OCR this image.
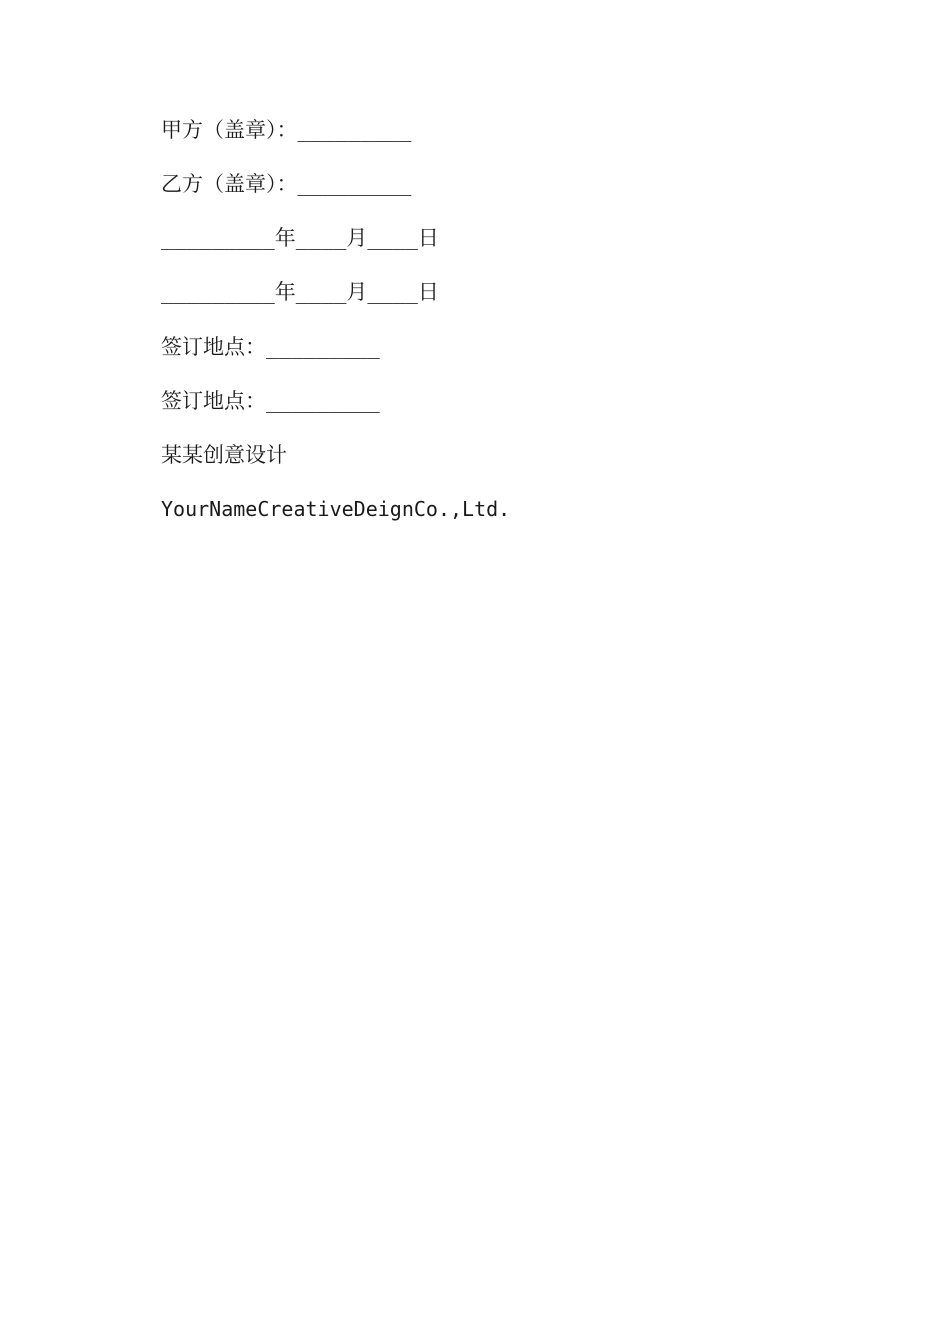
甲方（盖章）：_________
乙方（盖章）：_________
_________年____月____日
_________年____月____日
签订地点：_________
签订地点：_________
某某创意设计
YourNameCreativeDeignCo.,Ltd.
